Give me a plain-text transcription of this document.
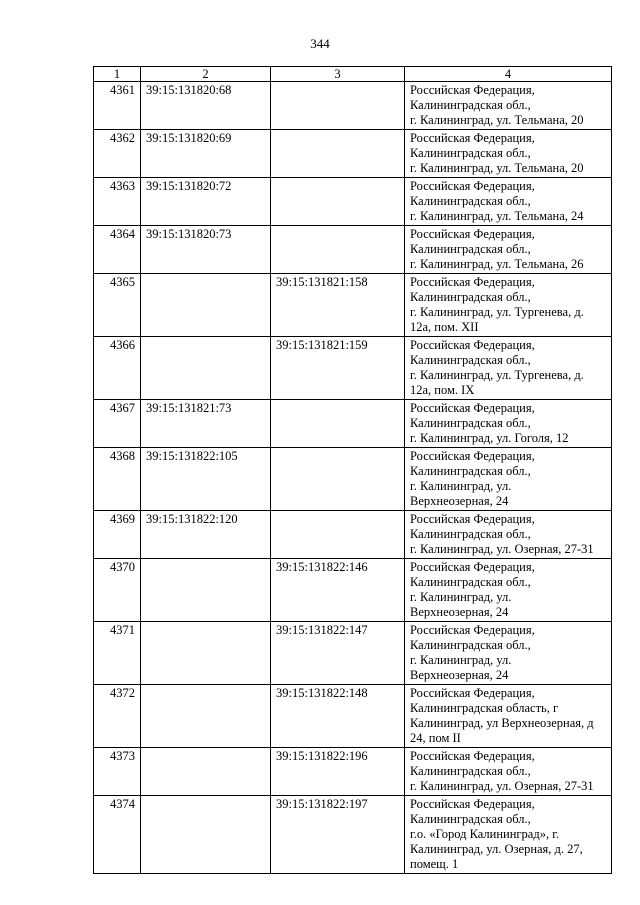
344
1	2	3	4
4361	39:15:131820:68		Российская Федерация,
Калининградская обл.,
г. Калининград, ул. Тельмана, 20

4362	39:15:131820:69		Российская Федерация,
Калининградская обл.,
г. Калининград, ул. Тельмана, 20

4363	39:15:131820:72		Российская Федерация,
Калининградская обл.,
г. Калининград, ул. Тельмана, 24

4364	39:15:131820:73		Российская Федерация,
Калининградская обл.,
г. Калининград, ул. Тельмана, 26

4365		39:15:131821:158	Российская Федерация,
Калининградская обл.,
г. Калининград, ул. Тургенева, д.
12а, пом. XII

4366		39:15:131821:159	Российская Федерация,
Калининградская обл.,
г. Калининград, ул. Тургенева, д.
12а, пом. IX

4367	39:15:131821:73		Российская Федерация,
Калининградская обл.,
г. Калининград, ул. Гоголя, 12

4368	39:15:131822:105		Российская Федерация,
Калининградская обл.,
г. Калининград, ул.
Верхнеозерная, 24

4369	39:15:131822:120		Российская Федерация,
Калининградская обл.,
г. Калининград, ул. Озерная, 27-31

4370		39:15:131822:146	Российская Федерация,
Калининградская обл.,
г. Калининград, ул.
Верхнеозерная, 24

4371		39:15:131822:147	Российская Федерация,
Калининградская обл.,
г. Калининград, ул.
Верхнеозерная, 24

4372		39:15:131822:148	Российская Федерация,
Калининградская область, г
Калининград, ул Верхнеозерная, д
24, пом II

4373		39:15:131822:196	Российская Федерация,
Калининградская обл.,
г. Калининград, ул. Озерная, 27-31

4374		39:15:131822:197	Российская Федерация,
Калининградская обл.,
г.о. «Город Калининград», г.
Калининград, ул. Озерная, д. 27,
помещ. 1
